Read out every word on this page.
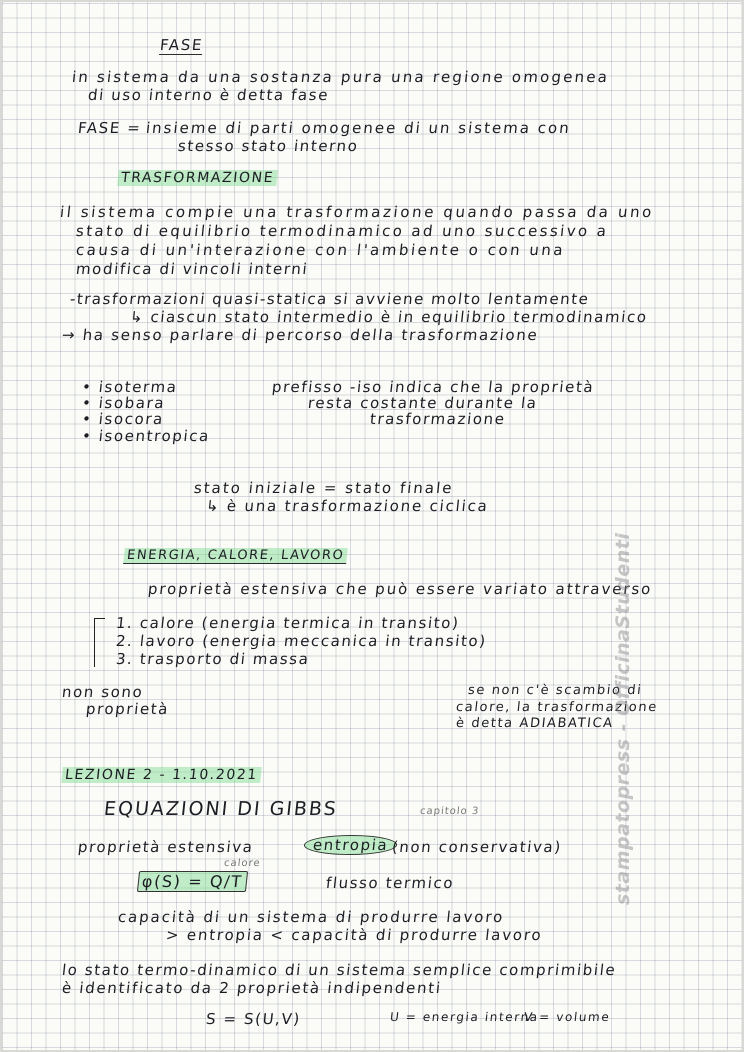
FASE
in sistema da una sostanza pura una regione omogenea
di uso interno è detta fase
FASE = insieme di parti omogenee di un sistema con
stesso stato interno
TRASFORMAZIONE
il sistema compie una trasformazione quando passa da uno
stato di equilibrio termodinamico ad uno successivo a
causa di un'interazione con l'ambiente o con una
modifica di vincoli interni
-trasformazioni quasi-statica si avviene molto lentamente
↳ ciascun stato intermedio è in equilibrio termodinamico
→ ha senso parlare di percorso della trasformazione
• isoterma
• isobara
• isocora
• isoentropica
prefisso -iso indica che la proprietà
resta costante durante la
trasformazione
stato iniziale = stato finale
↳ è una trasformazione ciclica
ENERGIA, CALORE, LAVORO
proprietà estensiva che può essere variato attraverso
1. calore (energia termica in transito)
2. lavoro (energia meccanica in transito)
3. trasporto di massa
non sono
proprietà
se non c'è scambio di
calore, la trasformazione
è detta ADIABATICA
LEZIONE 2 - 1.10.2021
EQUAZIONI DI GIBBS	capitolo 3
proprietà estensiva	entropia (non conservativa)
calore
φ(S) = Q/T	flusso termico
capacità di un sistema di produrre lavoro
> entropia < capacità di produrre lavoro
lo stato termo-dinamico di un sistema semplice comprimibile
è identificato da 2 proprietà indipendenti
S = S(U,V)	U = energia interna
V = volume
stampatopress - OfficinaStudenti
